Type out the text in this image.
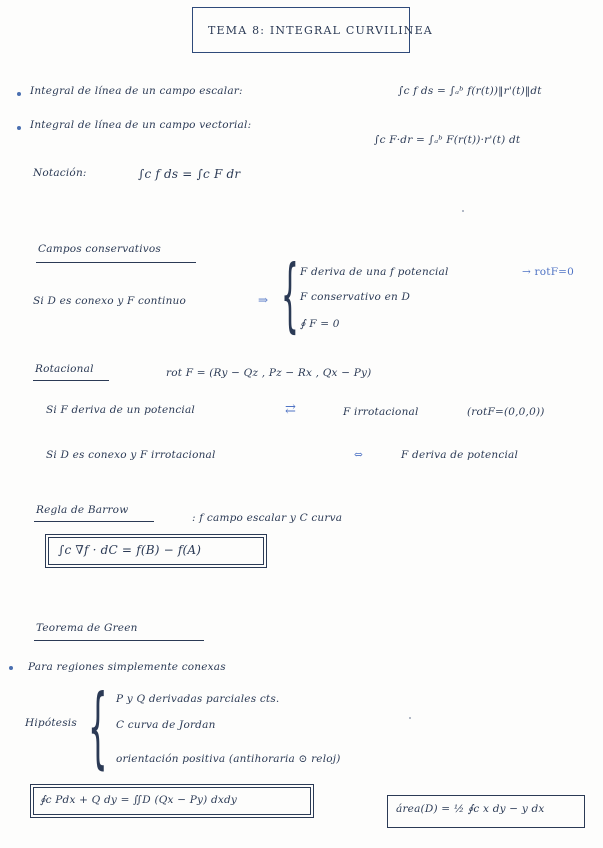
TEMA 8: INTEGRAL CURVILINEA
Integral de línea de un campo escalar:	∫c f ds = ∫ₐᵇ f(r(t))‖r'(t)‖dt
Integral de línea de un campo vectorial:
∫c F·dr = ∫ₐᵇ F(r(t))·r'(t) dt
Notación:	∫c f ds = ∫c F dr
Campos conservativos
Si D es conexo y F continuo	⇒ { F deriva de una f potencial	→ rotF=0
F conservativo en D
∮ F = 0
Rotacional	rot F = (Ry − Qz , Pz − Rx , Qx − Py)
Si F deriva de un potencial	⇄	F irrotacional	(rotF=(0,0,0))
Si D es conexo y F irrotacional	⇔	F deriva de potencial
Regla de Barrow
: f campo escalar y C curva
∫c ∇f · dC = f(B) − f(A)
Teorema de Green
Para regiones simplemente conexas
Hipótesis { P y Q derivadas parciales cts.
C curva de Jordan
orientación positiva (antihoraria ⊙ reloj)
∮c Pdx + Q dy = ∬D (Qx − Py) dxdy
área(D) = ½ ∮c x dy − y dx
